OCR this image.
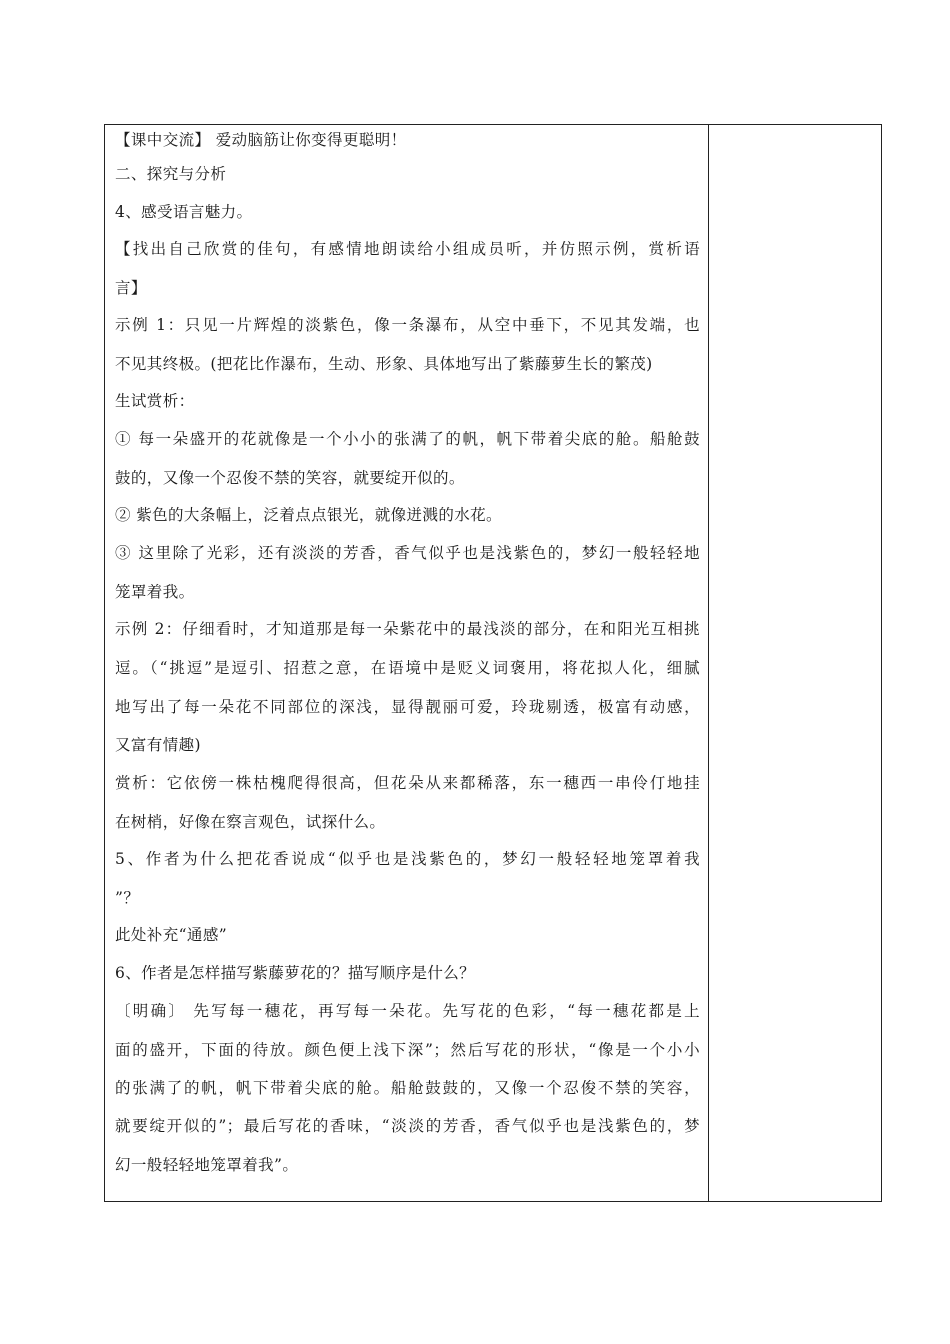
【课中交流】 爱动脑筋让你变得更聪明！
二、探究与分析
4、感受语言魅力。
【找出自己欣赏的佳句，有感情地朗读给小组成员听，并仿照示例，赏析语
言】
示例 1：只见一片辉煌的淡紫色，像一条瀑布，从空中垂下，不见其发端，也
不见其终极。(把花比作瀑布，生动、形象、具体地写出了紫藤萝生长的繁茂)
生试赏析：
① 每一朵盛开的花就像是一个小小的张满了的帆，帆下带着尖底的舱。船舱鼓
鼓的，又像一个忍俊不禁的笑容，就要绽开似的。
② 紫色的大条幅上，泛着点点银光，就像迸溅的水花。
③ 这里除了光彩，还有淡淡的芳香，香气似乎也是浅紫色的，梦幻一般轻轻地
笼罩着我。
示例 2：仔细看时，才知道那是每一朵紫花中的最浅淡的部分，在和阳光互相挑
逗。（“挑逗”是逗引、招惹之意，在语境中是贬义词褒用，将花拟人化，细腻
地写出了每一朵花不同部位的深浅，显得靓丽可爱，玲珑剔透，极富有动感，
又富有情趣)
赏析：它依傍一株枯槐爬得很高，但花朵从来都稀落，东一穗西一串伶仃地挂
在树梢，好像在察言观色，试探什么。
5、作者为什么把花香说成“似乎也是浅紫色的，梦幻一般轻轻地笼罩着我
”？
此处补充“通感”
6、作者是怎样描写紫藤萝花的？描写顺序是什么？
〔明确〕 先写每一穗花，再写每一朵花。先写花的色彩，“每一穗花都是上
面的盛开，下面的待放。颜色便上浅下深”；然后写花的形状，“像是一个小小
的张满了的帆，帆下带着尖底的舱。船舱鼓鼓的，又像一个忍俊不禁的笑容，
就要绽开似的”；最后写花的香味，“淡淡的芳香，香气似乎也是浅紫色的，梦
幻一般轻轻地笼罩着我”。
